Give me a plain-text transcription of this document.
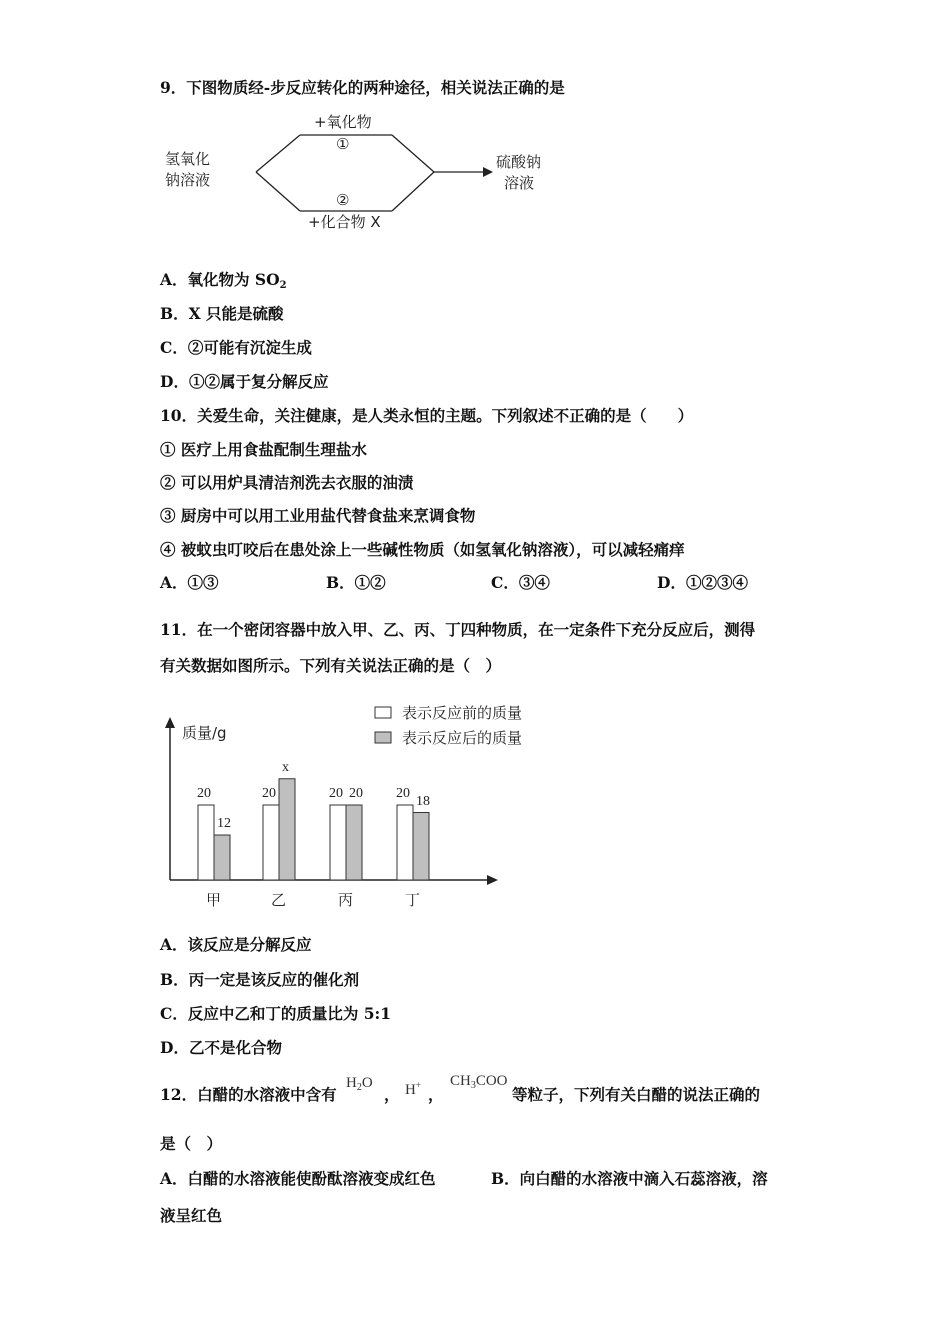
9．下图物质经-步反应转化的两种途径，相关说法正确的是
氢氧化
钠溶液
+氧化物
①
②
+化合物 X
硫酸钠
溶液
A．氧化物为 $SO_2$
B．X 只能是硫酸
C．②可能有沉淀生成
D．①②属于复分解反应
10．关爱生命，关注健康，是人类永恒的主题。下列叙述不正确的是（　　）
① 医疗上用食盐配制生理盐水
② 可以用炉具清洁剂洗去衣服的油渍
③ 厨房中可以用工业用盐代替食盐来烹调食物
④ 被蚊虫叮咬后在患处涂上一些碱性物质（如氢氧化钠溶液），可以减轻痛痒
A．①③	B．①②	C．③④	D．①②③④
11．在一个密闭容器中放入甲、乙、丙、丁四种物质，在一定条件下充分反应后，测得
有关数据如图所示。下列有关说法正确的是（　）
质量/g
表示反应前的质量
表示反应后的质量
20
12
甲
20
x
乙
20 20
丙
20 18
丁
A．该反应是分解反应
B．丙一定是该反应的催化剂
C．反应中乙和丁的质量比为 5:1
D．乙不是化合物
12．白醋的水溶液中含有
$H_2O$
， H+ ，
$CH_3COO$
等粒子，下列有关白醋的说法正确的
是（　）
A．白醋的水溶液能使酚酞溶液变成红色	B．向白醋的水溶液中滴入石蕊溶液，溶
液呈红色
